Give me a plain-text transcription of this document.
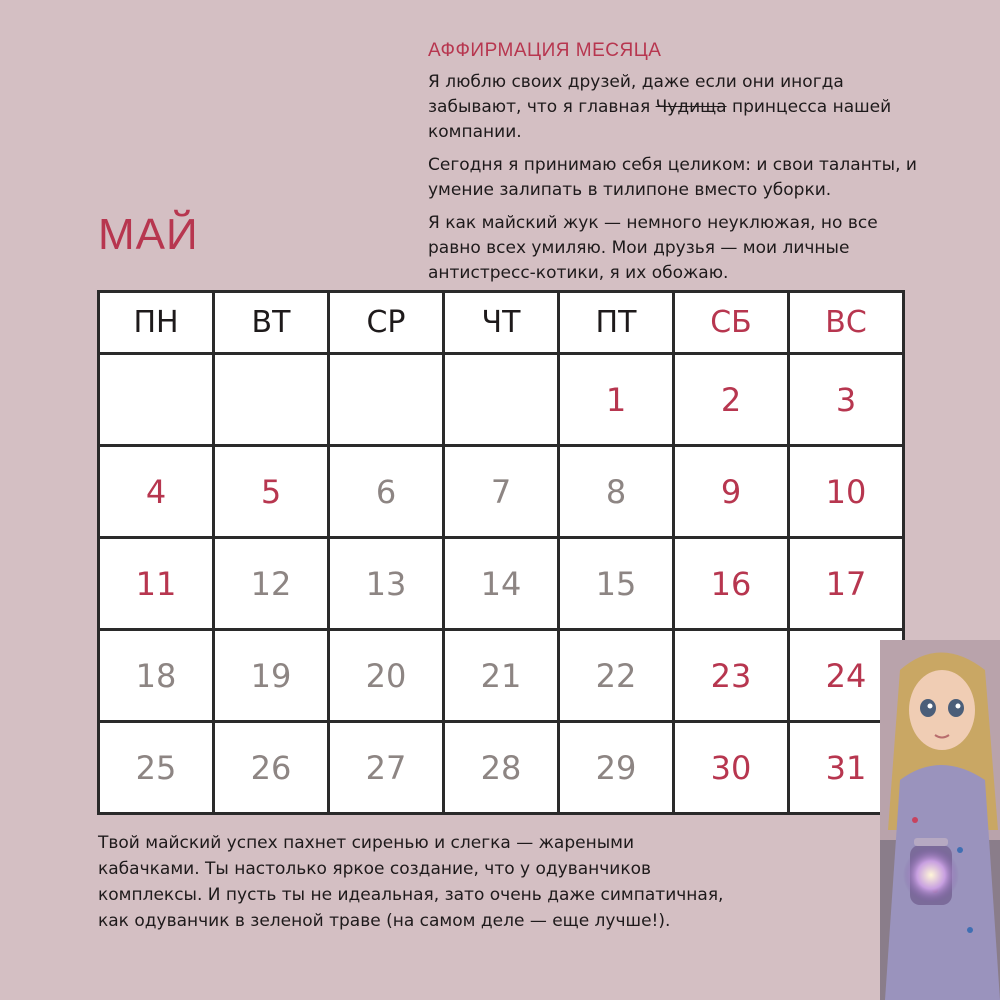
АФФИРМАЦИЯ МЕСЯЦА

Я люблю своих друзей, даже если они иногда забывают, что я главная Чудища принцесса нашей компании.

Сегодня я принимаю себя целиком: и свои таланты, и умение залипать в тилипоне вместо уборки.

Я как майский жук — немного неуклюжая, но все равно всех умиляю. Мои друзья — мои личные антистресс-котики, я их обожаю.

МАЙ
ПН	ВТ	СР	ЧТ	ПТ	СБ	ВС
				1	2	3
4	5	6	7	8	9	10
11	12	13	14	15	16	17
18	19	20	21	22	23	24
25	26	27	28	29	30	31
Твой майский успех пахнет сиренью и слегка — жареными кабачками. Ты настолько яркое создание, что у одуванчиков комплексы. И пусть ты не идеальная, зато очень даже симпатичная, как одуванчик в зеленой траве (на самом деле — еще лучше!).
